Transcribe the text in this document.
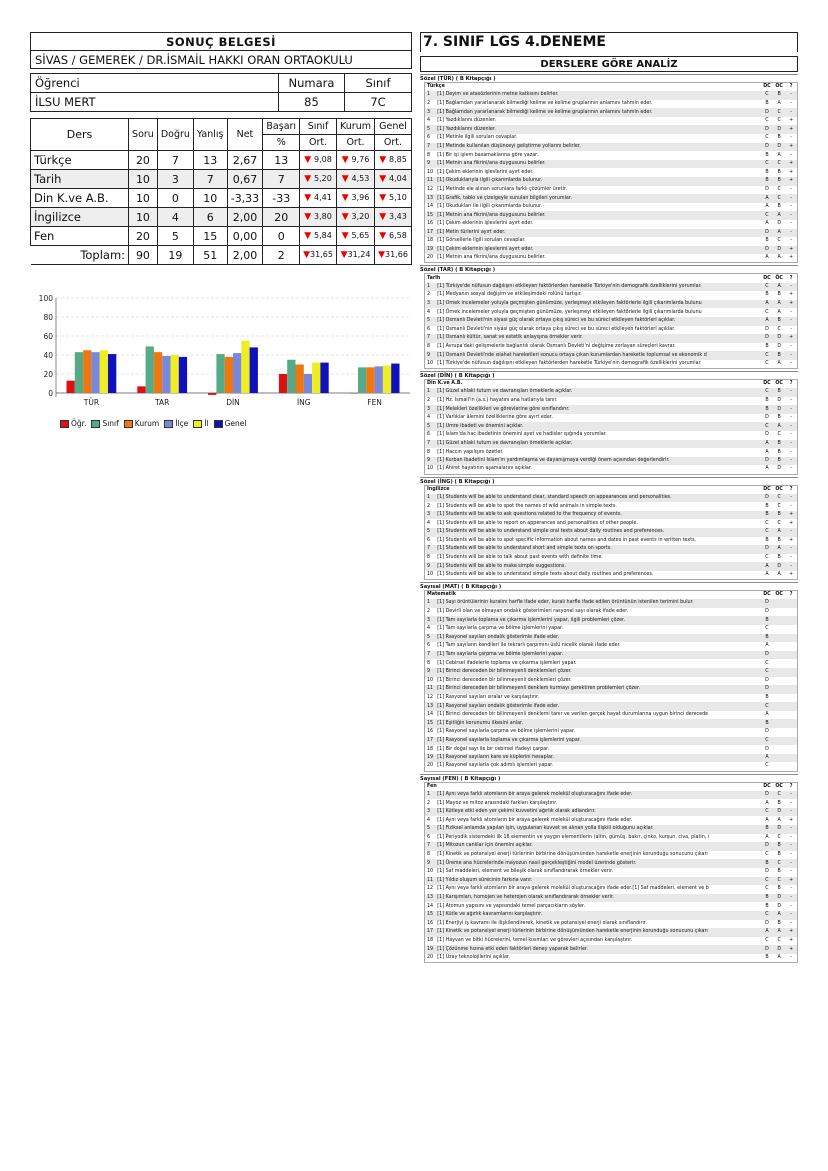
SONUÇ BELGESİ
SİVAS / GEMEREK / DR.İSMAİL HAKKI ORAN ORTAOKULU
Öğrenci	Numara	Sınıf
İLSU MERT	85	7C
Ders	Soru	Doğru	Yanlış	Net	Başarı	Sınıf	Kurum	Genel
					%	Ort.	Ort.	Ort.
Türkçe	20	7	13	2,67	13	▼ 9,08	▼ 9,76	▼ 8,85
Tarih	10	3	7	0,67	7	▼ 5,20	▼ 4,53	▼ 4,04
Din K.ve A.B.	10	0	10	-3,33	-33	▼ 4,41	▼ 3,96	▼ 5,10
İngilizce	10	4	6	2,00	20	▼ 3,80	▼ 3,20	▼ 3,43
Fen	20	5	15	0,00	0	▼ 5,84	▼ 5,65	▼ 6,58
Toplam:	90	19	51	2,00	2	▼31,65	▼31,24	▼31,66
100
80
60
40
20
0
TÜR	TAR	DİN	İNG	FEN
Öğr.	Sınıf	Kurum	İlçe	İl	Genel
7. SINIF LGS 4.DENEME
DERSLERE GÖRE ANALİZ
Sözel (TÜR) ( B Kitapçığı )
Türkçe		DC	ÖC	?
1	[1] Deyim ve atasözlerinin metne katkısını belirler.	C	B	-
2	[1] Bağlamdan yararlanarak bilmediği kelime ve kelime gruplarının anlamını tahmin eder.	B	A	-
3	[1] Bağlamdan yararlanarak bilmediği kelime ve kelime gruplarının anlamını tahmin eder.	D	C	-
4	[1] Yazdıklarını düzenler.	C	C	+
5	[1] Yazdıklarını düzenler.	D	D	+
6	[1] Metinle ilgili soruları cevaplar.	C	B	-
7	[1] Metinde kullanılan düşünceyi geliştirme yollarını belirler.	D	D	+
8	[1] Bir işi işlem basamaklarına göre yazar.	B	A	-
9	[1] Metnin ana fikrini/ana duygusunu belirler.	C	C	+
10	[1] Çekim eklerinin işlevlerini ayırt eder.	B	B	+
11	[1] Okuduklarıyla ilgili çıkarımlarda bulunur.	B	B	+
12	[1] Metinde ele alınan sorunlara farklı çözümler üretir.	D	C	-
13	[1] Grafik, tablo ve çizelgeyle sunulan bilgileri yorumlar.	A	C	-
14	[1] Okudukları ile ilgili çıkarımlarda bulunur.	A	B	-
15	[1] Metnin ana fikrini/ana duygusunu belirler.	C	A	-
16	[1] Çekim eklerinin işlevlerini ayırt eder.	A	D	-
17	[1] Metin türlerini ayırt eder.	D	A	-
18	[1] Görsellerle ilgili soruları cevaplar.	B	C	-
19	[1] Çekim eklerinin işlevlerini ayırt eder.	D	D	+
20	[1] Metnin ana fikrini/ana duygusunu belirler.	A	A	+
Sözel (TAR) ( B Kitapçığı )
Tarih		DC	ÖC	?
1	[1] Türkiye'de nüfusun dağılışını etkileyen faktörlerden hareketle Türkiye'nin demografik özelliklerini yorumlar.	C	A	-
2	[1] Medyanın sosyal değişim ve etkileşimdeki rolünü tartışır.	B	B	+
3	[1] Örnek incelemeler yoluyla geçmişten günümüze, yerleşmeyi etkileyen faktörlerle ilgili çıkarımlarda bulunu	A	A	+
4	[1] Örnek incelemeler yoluyla geçmişten günümüze, yerleşmeyi etkileyen faktörlerle ilgili çıkarımlarda bulunu	C	A	-
5	[1] Osmanlı Devleti'nin siyasi güç olarak ortaya çıkış süreci ve bu süreci etkileyen faktörleri açıklar.	A	B	-
6	[1] Osmanlı Devleti'nin siyasi güç olarak ortaya çıkış süreci ve bu süreci etkileyen faktörleri açıklar.	D	C	-
7	[1] Osmanlı kültür, sanat ve estetik anlayışına örnekler verir.	D	D	+
8	[1] Avrupa'daki gelişmelerle bağlantılı olarak Osmanlı Devleti'ni değişime zorlayan süreçleri kavrar.	B	D	-
9	[1] Osmanlı Devleti'nde ıslahat hareketleri sonucu ortaya çıkan kurumlardan hareketle toplumsal ve ekonomik d	C	B	-
10	[1] Türkiye'de nüfusun dağılışını etkileyen faktörlerden hareketle Türkiye'nin demografik özelliklerini yorumlar.	C	A	-
Sözel (DİN) ( B Kitapçığı )
Din K.ve A.B.		DC	ÖC	?
1	[1] Güzel ahlaki tutum ve davranışları örneklerle açıklar.	C	B	-
2	[1] Hz. İsmail'in (a.s.) hayatını ana hatlarıyla tanır.	B	D	-
3	[1] Melekleri özellikleri ve görevlerine göre sınıflandırır.	B	D	-
4	[1] Varlıklar âlemini özelliklerine göre ayırt eder.	D	B	-
5	[1] Umre ibadeti ve önemini açıklar.	C	A	-
6	[1] İslam'da hac ibadetinin önemini ayet ve hadisler ışığında yorumlar.	D	C	-
7	[1] Güzel ahlaki tutum ve davranışları örneklerle açıklar.	A	B	-
8	[1] Haccın yapılışını özetler.	A	B	-
9	[1] Kurban ibadetini İslam'ın yardımlaşma ve dayanışmaya verdiği önem açısından değerlendirir.	D	B	-
10	[1] Ahiret hayatının aşamalarını açıklar.	A	D	-
Sözel (İNG) ( B Kitapçığı )
İngilizce		DC	ÖC	?
1	[1] Students will be able to understand clear, standard speech on appearances and personalities.	D	C	-
2	[1] Students will be able to spot the names of wild animals in simple texts.	B	C	-
3	[1] Students will be able to ask questions related to the frequency of events.	B	B	+
4	[1] Students will be able to report on apperances and personalities of other people.	C	C	+
5	[1] Students will be able to understand simple oral texts about daily routines and preferences.	C	A	-
6	[1] Students will be able to spot specific information about names and dates in past events in written texts.	B	B	+
7	[1] Students will be able to understand short and simple texts on sports.	D	A	-
8	[1] Students will be able to talk about past events with definite time.	C	B	-
9	[1] Students will be able to make simple suggestions.	A	D	-
10	[1] Students will be able to understand simple texts about daily routines and preferences.	A	A	+
Sayısal (MAT) ( B Kitapçığı )
Matematik		DC	ÖC	?
1	[1] Sayı örüntülerinin kuralını harfle ifade eder, kuralı harfle ifade edilen örüntünün istenilen terimini bulur.	D		
2	[1] Devirli olan ve olmayan ondalık gösterimleri rasyonel sayı olarak ifade eder.	D		
3	[1] Tam sayılarla toplama ve çıkarma işlemlerini yapar, ilgili problemleri çözer.	B		
4	[1] Tam sayılarla çarpma ve bölme işlemlerini yapar.	C		
5	[1] Rasyonel sayıları ondalık gösterimle ifade eder.	B		
6	[1] Tam sayıların kendileri ile tekrarlı çarpımını üslü nicelik olarak ifade eder.	A		
7	[1] Tam sayılarla çarpma ve bölme işlemlerini yapar.	D		
8	[1] Cebirsel ifadelerle toplama ve çıkarma işlemleri yapar.	C		
9	[1] Birinci dereceden bir bilinmeyenli denklemleri çözer.	C		
10	[1] Birinci dereceden bir bilinmeyenli denklemleri çözer.	D		
11	[1] Birinci dereceden bir bilinmeyenli denklem kurmayı gerektiren problemleri çözer.	D		
12	[1] Rasyonel sayıları sıralar ve karşılaştırır.	B		
13	[1] Rasyonel sayıları ondalık gösterimle ifade eder.	C		
14	[1] Birinci dereceden bir bilinmeyenli denklemi tanır ve verilen gerçek hayat durumlarına uygun birinci derecede	A		
15	[1] Eşitliğin korunumu ilkesini anlar.	B		
16	[1] Rasyonel sayılarla çarpma ve bölme işlemlerini yapar.	D		
17	[1] Rasyonel sayılarla toplama ve çıkarma işlemlerini yapar.	C		
18	[1] Bir doğal sayı ile bir cebirsel ifadeyi çarpar.	D		
19	[1] Rasyonel sayıların kare ve küplerini hesaplar.	A		
20	[1] Rasyonel sayılarla çok adımlı işlemleri yapar.	C		
Sayısal (FEN) ( B Kitapçığı )
Fen		DC	ÖC	?
1	[1] Aynı veya farklı atomların bir araya gelerek molekül oluşturacağını ifade eder.	D	C	-
2	[1] Mayoz ve mitoz arasındaki farkları karşılaştırır.	A	B	-
3	[1] Kütleye etki eden yer çekimi kuvvetini ağırlık olarak adlandırır.	C	D	-
4	[1] Aynı veya farklı atomların bir araya gelerek molekül oluşturacağını ifade eder.	A	A	+
5	[1] Fiziksel anlamda yapılan işin, uygulanan kuvvet ve alınan yolla ilişkili olduğunu açıklar.	B	D	-
6	[1] Periyodik sistemdeki ilk 18 elementin ve yaygın elementlerin (altın, gümüş, bakır, çinko, kurşun, civa, platin, i	A	C	-
7	[1] Mitozun canlılar için önemini açıklar.	D	B	-
8	[1] Kinetik ve potansiyel enerji türlerinin birbirine dönüşümünden hareketle enerjinin korunduğu sonucunu çıkarı	C	B	-
9	[1] Üreme ana hücrelerinde mayozun nasıl gerçekleştiğini model üzerinde gösterir.	B	C	-
10	[1] Saf maddeleri, element ve bileşik olarak sınıflandırarak örnekler verir.	D	B	-
11	[1] Yıldız oluşum sürecinin farkına varır.	C	C	+
12	[1] Aynı veya farklı atomların bir araya gelerek molekül oluşturacağını ifade eder.[1] Saf maddeleri, element ve b	C	B	-
13	[1] Karışımları, homojen ve heterojen olarak sınıflandırarak örnekler verir.	B	D	-
14	[1] Atomun yapısını ve yapısındaki temel parçacıkların söyler.	B	D	-
15	[1] Kütle ve ağırlık kavramlarını karşılaştırır.	C	A	-
16	[1] Enerjiyi iş kavramı ile ilişkilendirerek, kinetik ve potansiyel enerji olarak sınıflandırır.	D	B	-
17	[1] Kinetik ve potansiyel enerji türlerinin birbirine dönüşümünden hareketle enerjinin korunduğu sonucunu çıkarı	A	A	+
18	[1] Hayvan ve bitki hücrelerini, temel kısımları ve görevleri açısından karşılaştırır.	C	C	+
19	[1] Çözünme hızına etki eden faktörleri deney yaparak belirler.	D	D	+
20	[1] Uzay teknolojilerini açıklar.	B	A	-
